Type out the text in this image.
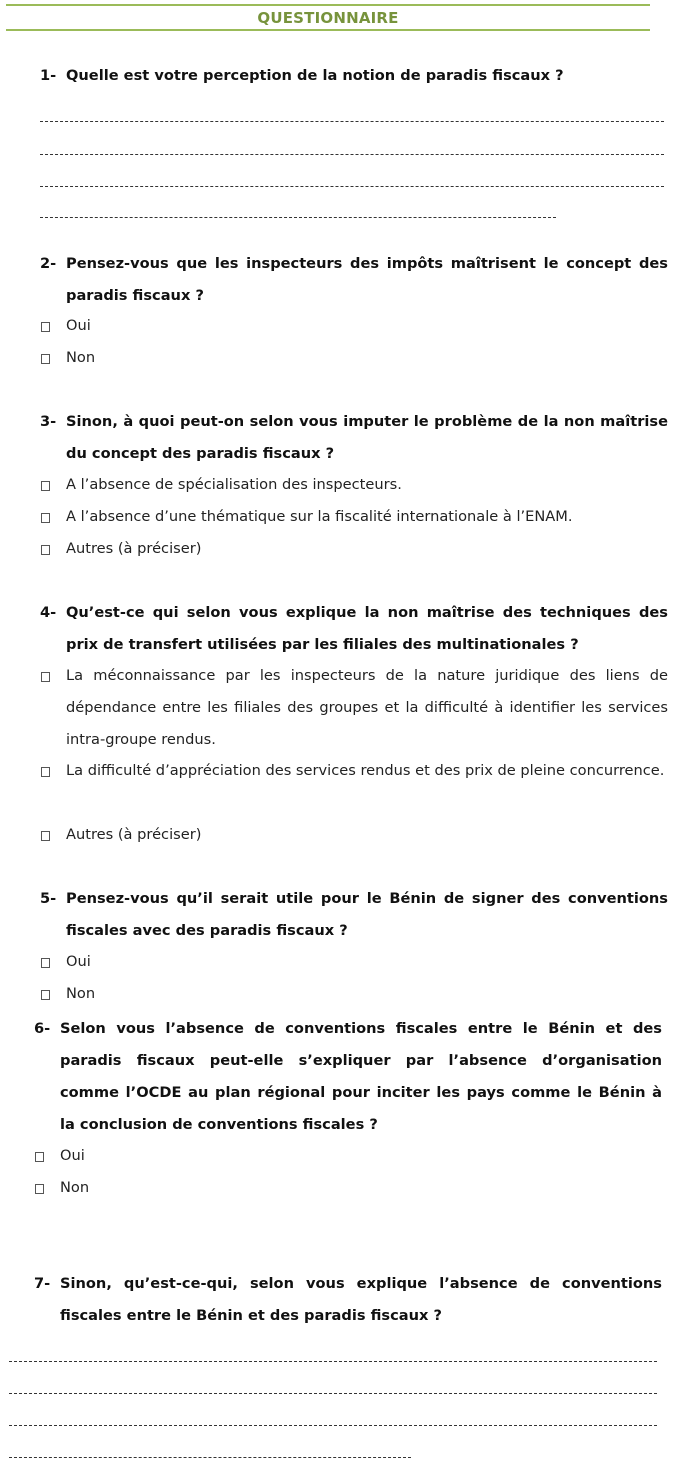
QUESTIONNAIRE
1- Quelle est votre perception de la notion de paradis fiscaux ?
2- Pensez-vous que les inspecteurs des impôts maîtrisent le concept des paradis fiscaux ?
Oui
Non
3- Sinon, à quoi peut-on selon vous imputer le problème de la non maîtrise du concept des paradis fiscaux ?
A l’absence de spécialisation des inspecteurs.
A l’absence d’une thématique sur la fiscalité internationale à l’ENAM.
Autres (à préciser)
4- Qu’est-ce qui selon vous explique la non maîtrise des techniques des prix de transfert utilisées par les filiales des multinationales ?
La méconnaissance par les inspecteurs de la nature juridique des liens de dépendance entre les filiales des groupes et la difficulté à identifier les services intra-groupe rendus.
La difficulté d’appréciation des services rendus et des prix de pleine concurrence.
Autres (à préciser)
5- Pensez-vous qu’il serait utile pour le Bénin de signer des conventions fiscales avec des paradis fiscaux ?
Oui
Non
6- Selon vous l’absence de conventions fiscales entre le Bénin et des paradis fiscaux peut-elle s’expliquer par l’absence d’organisation comme l’OCDE au plan régional pour inciter les pays comme le Bénin à la conclusion de conventions fiscales ?
Oui
Non
7- Sinon, qu’est-ce-qui, selon vous explique l’absence de conventions fiscales entre le Bénin et des paradis fiscaux ?
